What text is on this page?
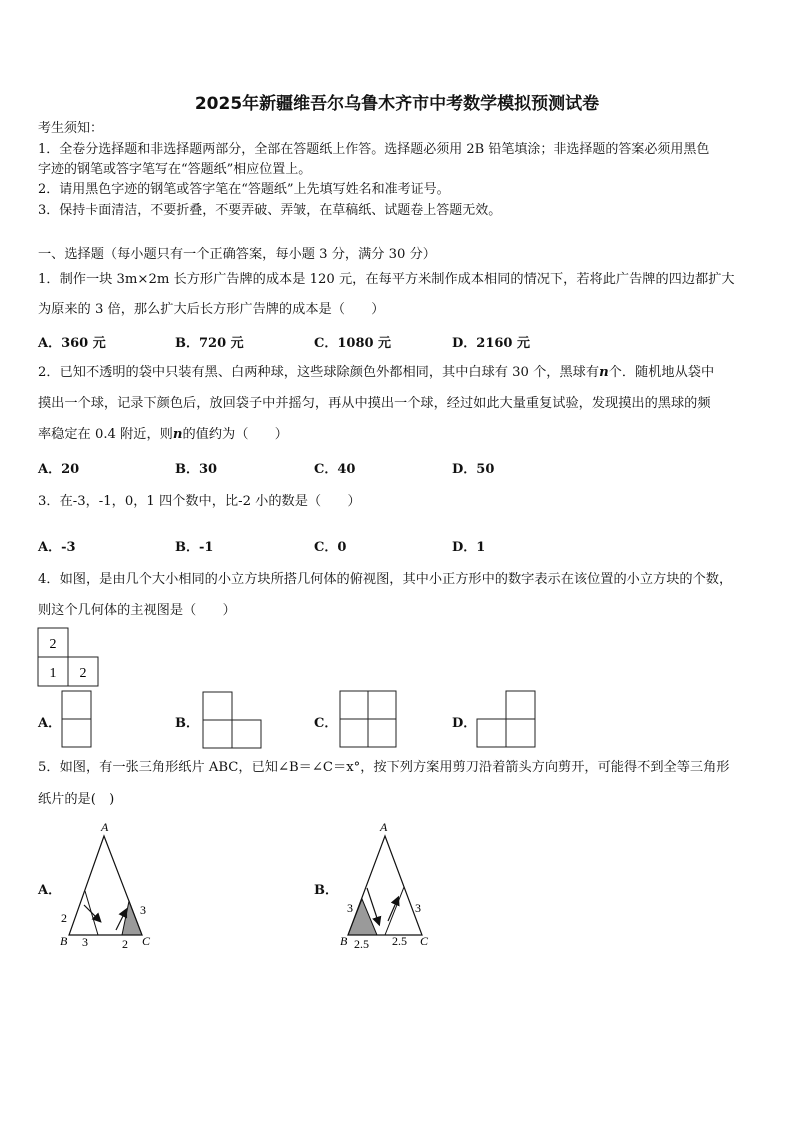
2025年新疆维吾尔乌鲁木齐市中考数学模拟预测试卷
考生须知：
1．全卷分选择题和非选择题两部分，全部在答题纸上作答。选择题必须用 2B 铅笔填涂；非选择题的答案必须用黑色
字迹的钢笔或答字笔写在“答题纸”相应位置上。
2．请用黑色字迹的钢笔或答字笔在“答题纸”上先填写姓名和准考证号。
3．保持卡面清洁，不要折叠，不要弄破、弄皱，在草稿纸、试题卷上答题无效。
一、选择题（每小题只有一个正确答案，每小题 3 分，满分 30 分）
1．制作一块 3m×2m 长方形广告牌的成本是 120 元，在每平方米制作成本相同的情况下，若将此广告牌的四边都扩大
为原来的 3 倍，那么扩大后长方形广告牌的成本是（　　）
A．360 元	B．720 元	C．1080 元	D．2160 元
2．已知不透明的袋中只装有黑、白两种球，这些球除颜色外都相同，其中白球有 30 个，黑球有n个．随机地从袋中
摸出一个球，记录下颜色后，放回袋子中并摇匀，再从中摸出一个球，经过如此大量重复试验，发现摸出的黑球的频
率稳定在 0.4 附近，则n的值约为（　　）
A．20	B．30	C．40	D．50
3．在-3，-1，0，1 四个数中，比-2 小的数是（　　）
A．-3	B．-1	C．0	D．1
4．如图，是由几个大小相同的小立方块所搭几何体的俯视图，其中小正方形中的数字表示在该位置的小立方块的个数，
则这个几何体的主视图是（　　）
2
1 2
A．	B．	C．	D．
5．如图，有一张三角形纸片 ABC，已知∠B＝∠C＝x°，按下列方案用剪刀沿着箭头方向剪开，可能得不到全等三角形
纸片的是(　)
A．
A
B	C
2
3
3	2
B．
A
B	C
3	3
2.5 2.5
